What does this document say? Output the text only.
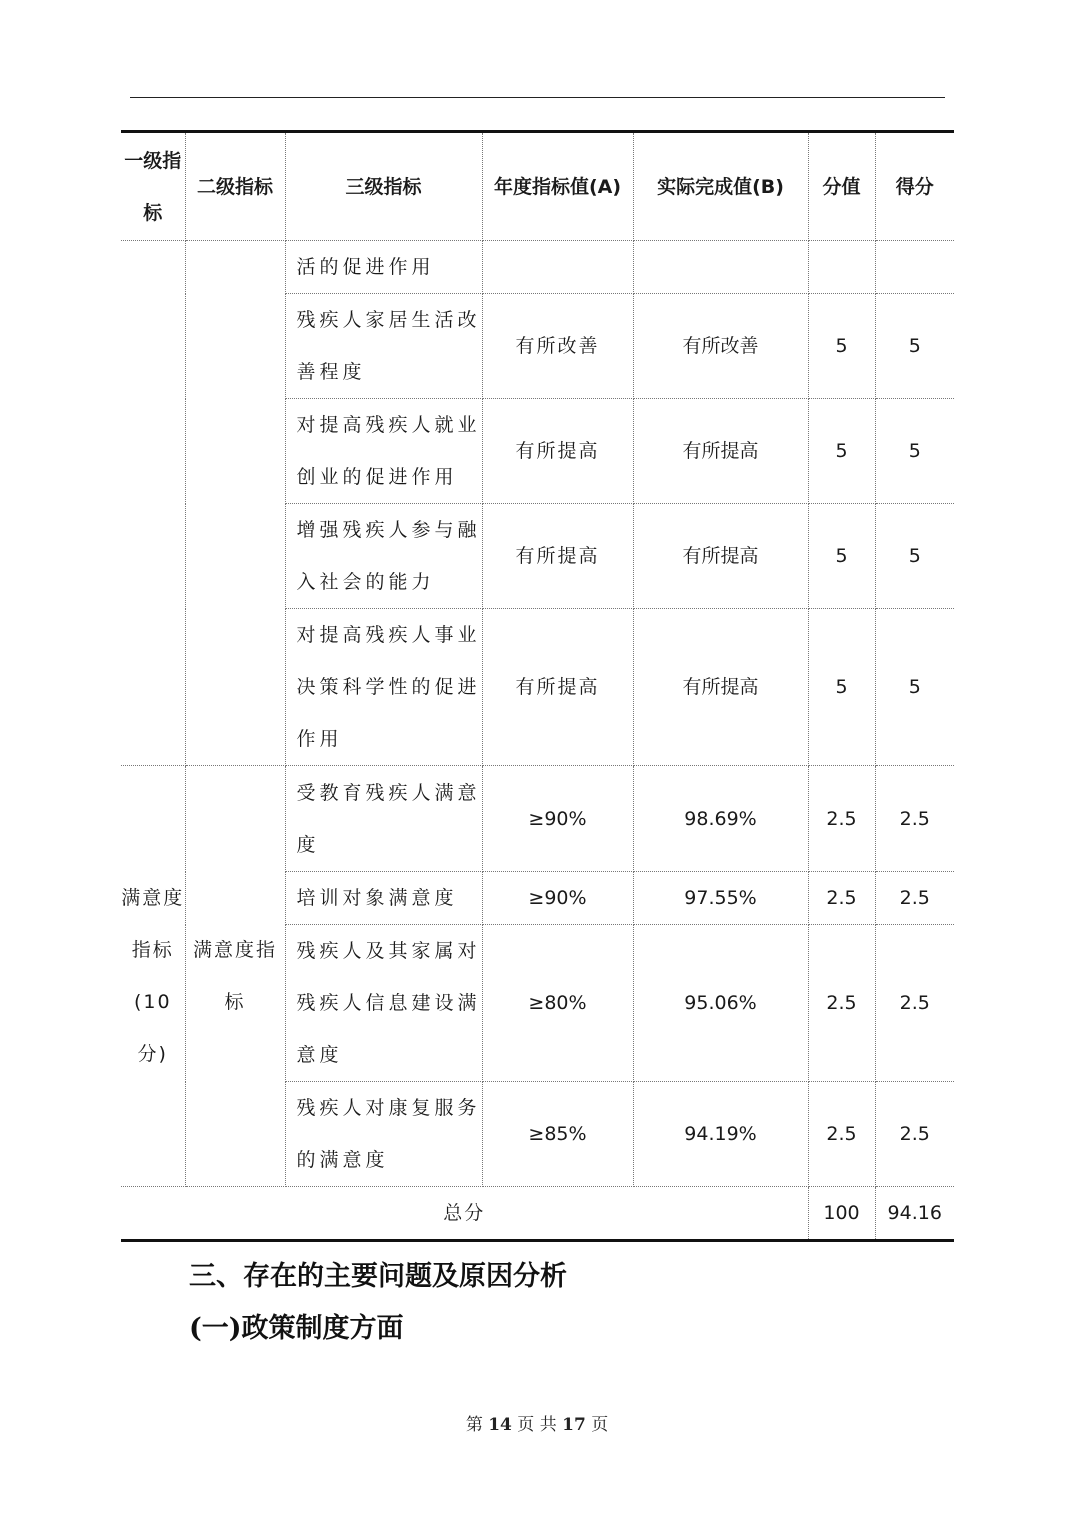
一级指标	二级指标	三级指标	年度指标值(A)	实际完成值(B)	分值	得分
		活的促进作用				
		残疾人家居生活改善程度	有所改善	有所改善	5	5
		对提高残疾人就业创业的促进作用	有所提高	有所提高	5	5
		增强残疾人参与融入社会的能力	有所提高	有所提高	5	5
		对提高残疾人事业决策科学性的促进作用	有所提高	有所提高	5	5
满意度指标(10分)	满意度指标	受教育残疾人满意度	≥90%	98.69%	2.5	2.5
		培训对象满意度	≥90%	97.55%	2.5	2.5
		残疾人及其家属对残疾人信息建设满意度	≥80%	95.06%	2.5	2.5
		残疾人对康复服务的满意度	≥85%	94.19%	2.5	2.5
总分					100	94.16
三、存在的主要问题及原因分析
(一)政策制度方面
第 14 页 共 17 页
